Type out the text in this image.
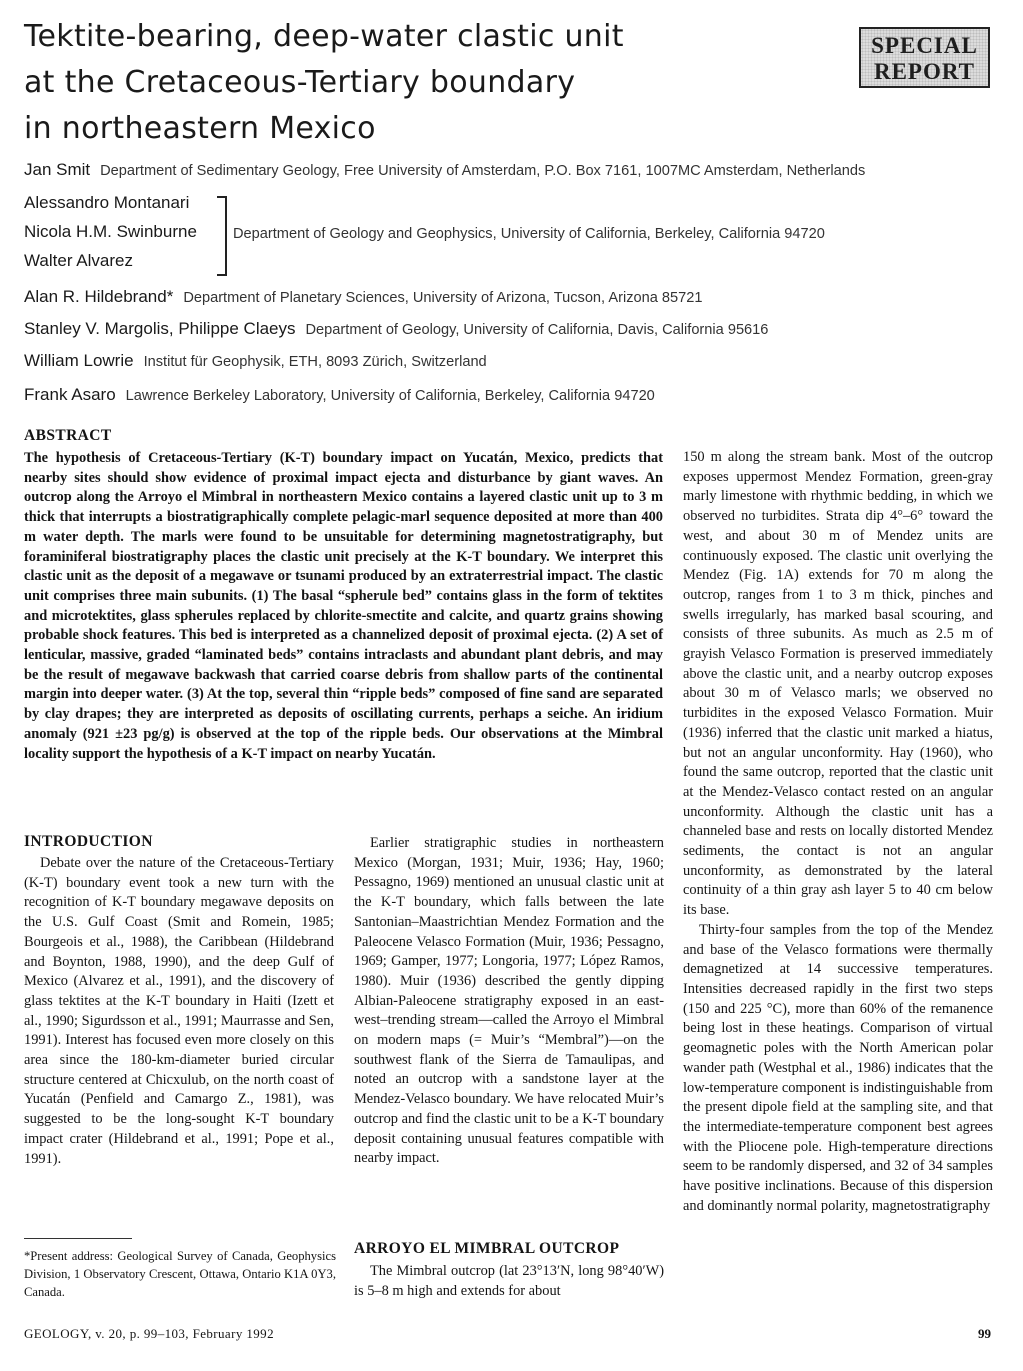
Tektite-bearing, deep-water clastic unit
at the Cretaceous-Tertiary boundary
in northeastern Mexico
SPECIAL
REPORT
Jan Smit Department of Sedimentary Geology, Free University of Amsterdam, P.O. Box 7161, 1007MC Amsterdam, Netherlands
Alessandro Montanari
Nicola H.M. Swinburne
Walter Alvarez
Department of Geology and Geophysics, University of California, Berkeley, California 94720
Alan R. Hildebrand* Department of Planetary Sciences, University of Arizona, Tucson, Arizona 85721
Stanley V. Margolis, Philippe Claeys Department of Geology, University of California, Davis, California 95616
William Lowrie Institut für Geophysik, ETH, 8093 Zürich, Switzerland
Frank Asaro Lawrence Berkeley Laboratory, University of California, Berkeley, California 94720
ABSTRACT
The hypothesis of Cretaceous-Tertiary (K-T) boundary impact on Yucatán, Mexico, predicts that nearby sites should show evidence of proximal impact ejecta and disturbance by giant waves. An outcrop along the Arroyo el Mimbral in northeastern Mexico contains a layered clastic unit up to 3 m thick that interrupts a biostratigraphically complete pelagic-marl sequence deposited at more than 400 m water depth. The marls were found to be unsuitable for determining magnetostratigraphy, but foraminiferal biostratigraphy places the clastic unit precisely at the K-T boundary. We interpret this clastic unit as the deposit of a megawave or tsunami produced by an extraterrestrial impact. The clastic unit comprises three main subunits. (1) The basal “spherule bed” contains glass in the form of tektites and microtektites, glass spherules replaced by chlorite-smectite and calcite, and quartz grains showing probable shock features. This bed is interpreted as a channelized deposit of proximal ejecta. (2) A set of lenticular, massive, graded “laminated beds” contains intraclasts and abundant plant debris, and may be the result of megawave backwash that carried coarse debris from shallow parts of the continental margin into deeper water. (3) At the top, several thin “ripple beds” composed of fine sand are separated by clay drapes; they are interpreted as deposits of oscillating currents, perhaps a seiche. An iridium anomaly (921 ±23 pg/g) is observed at the top of the ripple beds. Our observations at the Mimbral locality support the hypothesis of a K-T impact on nearby Yucatán.
INTRODUCTION

Debate over the nature of the Cretaceous-Tertiary (K-T) boundary event took a new turn with the recognition of K-T boundary megawave deposits on the U.S. Gulf Coast (Smit and Romein, 1985; Bourgeois et al., 1988), the Caribbean (Hildebrand and Boynton, 1988, 1990), and the deep Gulf of Mexico (Alvarez et al., 1991), and the discovery of glass tektites at the K-T boundary in Haiti (Izett et al., 1990; Sigurdsson et al., 1991; Maurrasse and Sen, 1991). Interest has focused even more closely on this area since the 180-km-diameter buried circular structure centered at Chicxulub, on the north coast of Yucatán (Penfield and Camargo Z., 1981), was suggested to be the long-sought K-T boundary impact crater (Hildebrand et al., 1991; Pope et al., 1991).

Earlier stratigraphic studies in northeastern Mexico (Morgan, 1931; Muir, 1936; Hay, 1960; Pessagno, 1969) mentioned an unusual clastic unit at the K-T boundary, which falls between the late Santonian–Maastrichtian Mendez Formation and the Paleocene Velasco Formation (Muir, 1936; Pessagno, 1969; Gamper, 1977; Longoria, 1977; López Ramos, 1980). Muir (1936) described the gently dipping Albian-Paleocene stratigraphy exposed in an east-west–trending stream—called the Arroyo el Mimbral on modern maps (= Muir’s “Membral”)—on the southwest flank of the Sierra de Tamaulipas, and noted an outcrop with a sandstone layer at the Mendez-Velasco boundary. We have relocated Muir’s outcrop and find the clastic unit to be a K-T boundary deposit containing unusual features compatible with nearby impact.

*Present address: Geological Survey of Canada, Geophysics Division, 1 Observatory Crescent, Ottawa, Ontario K1A 0Y3, Canada.
ARROYO EL MIMBRAL OUTCROP

The Mimbral outcrop (lat 23°13′N, long 98°40′W) is 5–8 m high and extends for about

150 m along the stream bank. Most of the outcrop exposes uppermost Mendez Formation, green-gray marly limestone with rhythmic bedding, in which we observed no turbidites. Strata dip 4°–6° toward the west, and about 30 m of Mendez units are continuously exposed. The clastic unit overlying the Mendez (Fig. 1A) extends for 70 m along the outcrop, ranges from 1 to 3 m thick, pinches and swells irregularly, has marked basal scouring, and consists of three subunits. As much as 2.5 m of grayish Velasco Formation is preserved immediately above the clastic unit, and a nearby outcrop exposes about 30 m of Velasco marls; we observed no turbidites in the exposed Velasco Formation. Muir (1936) inferred that the clastic unit marked a hiatus, but not an angular unconformity. Hay (1960), who found the same outcrop, reported that the clastic unit at the Mendez-Velasco contact rested on an angular unconformity. Although the clastic unit has a channeled base and rests on locally distorted Mendez sediments, the contact is not an angular unconformity, as demonstrated by the lateral continuity of a thin gray ash layer 5 to 40 cm below its base.

Thirty-four samples from the top of the Mendez and base of the Velasco formations were thermally demagnetized at 14 successive temperatures. Intensities decreased rapidly in the first two steps (150 and 225 °C), more than 60% of the remanence being lost in these heatings. Comparison of virtual geomagnetic poles with the North American polar wander path (Westphal et al., 1986) indicates that the low-temperature component is indistinguishable from the present dipole field at the sampling site, and that the intermediate-temperature component best agrees with the Pliocene pole. High-temperature directions seem to be randomly dispersed, and 32 of 34 samples have positive inclinations. Because of this dispersion and dominantly normal polarity, magnetostratigraphy

GEOLOGY, v. 20, p. 99–103, February 1992	99
